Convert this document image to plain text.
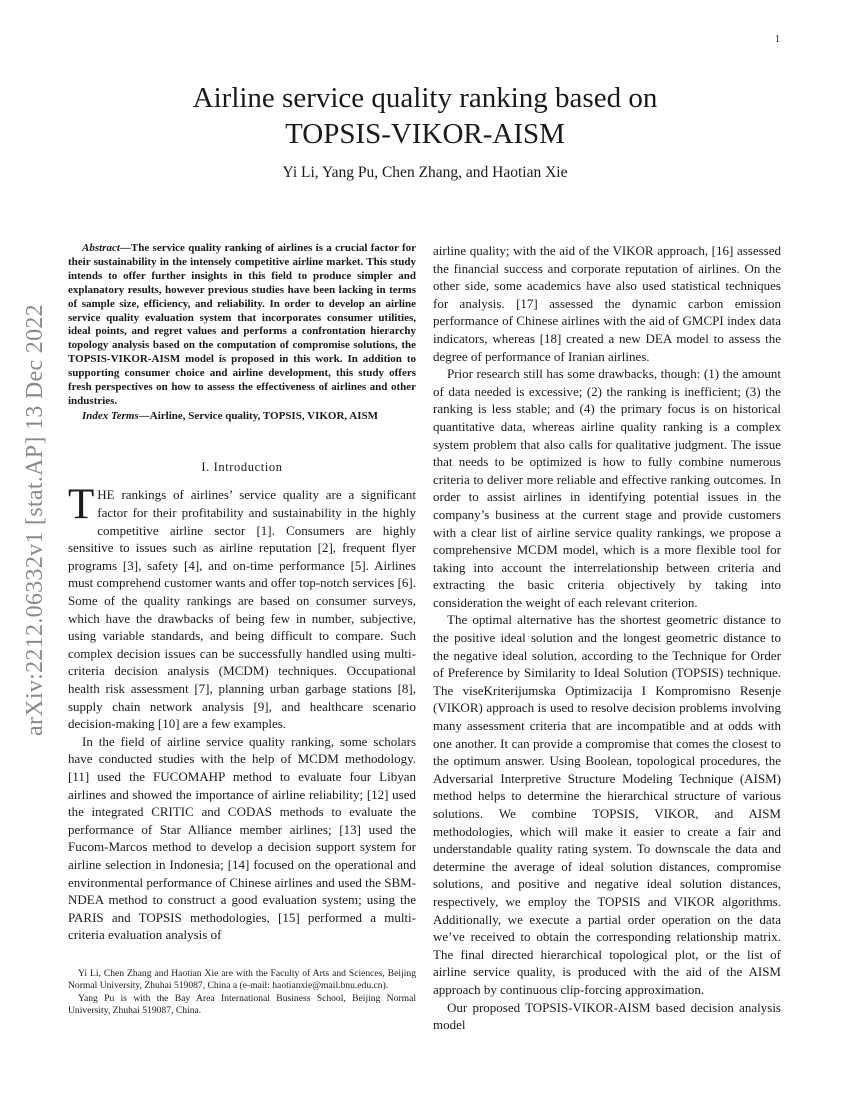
1
arXiv:2212.06332v1 [stat.AP] 13 Dec 2022
Airline service quality ranking based on
TOPSIS-VIKOR-AISM
Yi Li, Yang Pu, Chen Zhang, and Haotian Xie

Abstract—The service quality ranking of airlines is a crucial factor for their sustainability in the intensely competitive airline market. This study intends to offer further insights in this field to produce simpler and explanatory results, however previous studies have been lacking in terms of sample size, efficiency, and reliability. In order to develop an airline service quality evaluation system that incorporates consumer utilities, ideal points, and regret values and performs a confrontation hierarchy topology analysis based on the computation of compromise solutions, the TOPSIS-VIKOR-AISM model is proposed in this work. In addition to supporting consumer choice and airline development, this study offers fresh perspectives on how to assess the effectiveness of airlines and other industries.

Index Terms—Airline, Service quality, TOPSIS, VIKOR, AISM

I. Introduction

THE rankings of airlines’ service quality are a significant factor for their profitability and sustainability in the highly competitive airline sector [1]. Consumers are highly sensitive to issues such as airline reputation [2], frequent flyer programs [3], safety [4], and on-time performance [5]. Airlines must comprehend customer wants and offer top-notch services [6]. Some of the quality rankings are based on consumer surveys, which have the drawbacks of being few in number, subjective, using variable standards, and being difficult to compare. Such complex decision issues can be successfully handled using multi-criteria decision analysis (MCDM) techniques. Occupational health risk assessment [7], planning urban garbage stations [8], supply chain network analysis [9], and healthcare scenario decision-making [10] are a few examples.

In the field of airline service quality ranking, some scholars have conducted studies with the help of MCDM methodology. [11] used the FUCOMAHP method to evaluate four Libyan airlines and showed the importance of airline reliability; [12] used the integrated CRITIC and CODAS methods to evaluate the performance of Star Alliance member airlines; [13] used the Fucom-Marcos method to develop a decision support system for airline selection in Indonesia; [14] focused on the operational and environmental performance of Chinese airlines and used the SBM-NDEA method to construct a good evaluation system; using the PARIS and TOPSIS methodologies, [15] performed a multi-criteria evaluation analysis of

Yi Li, Chen Zhang and Haotian Xie are with the Faculty of Arts and Sciences, Beijing Normal University, Zhuhai 519087, China a (e-mail: haotianxie@mail.bnu.edu.cn).

Yang Pu is with the Bay Area International Business School, Beijing Normal University, Zhuhai 519087, China.

airline quality; with the aid of the VIKOR approach, [16] assessed the financial success and corporate reputation of airlines. On the other side, some academics have also used statistical techniques for analysis. [17] assessed the dynamic carbon emission performance of Chinese airlines with the aid of GMCPI index data indicators, whereas [18] created a new DEA model to assess the degree of performance of Iranian airlines.

Prior research still has some drawbacks, though: (1) the amount of data needed is excessive; (2) the ranking is inefficient; (3) the ranking is less stable; and (4) the primary focus is on historical quantitative data, whereas airline quality ranking is a complex system problem that also calls for qualitative judgment. The issue that needs to be optimized is how to fully combine numerous criteria to deliver more reliable and effective ranking outcomes. In order to assist airlines in identifying potential issues in the company’s business at the current stage and provide customers with a clear list of airline service quality rankings, we propose a comprehensive MCDM model, which is a more flexible tool for taking into account the interrelationship between criteria and extracting the basic criteria objectively by taking into consideration the weight of each relevant criterion.

The optimal alternative has the shortest geometric distance to the positive ideal solution and the longest geometric distance to the negative ideal solution, according to the Technique for Order of Preference by Similarity to Ideal Solution (TOPSIS) technique. The viseKriterijumska Optimizacija I Kompromisno Resenje (VIKOR) approach is used to resolve decision problems involving many assessment criteria that are incompatible and at odds with one another. It can provide a compromise that comes the closest to the optimum answer. Using Boolean, topological procedures, the Adversarial Interpretive Structure Modeling Technique (AISM) method helps to determine the hierarchical structure of various solutions. We combine TOPSIS, VIKOR, and AISM methodologies, which will make it easier to create a fair and understandable quality rating system. To downscale the data and determine the average of ideal solution distances, compromise solutions, and positive and negative ideal solution distances, respectively, we employ the TOPSIS and VIKOR algorithms. Additionally, we execute a partial order operation on the data we’ve received to obtain the corresponding relationship matrix. The final directed hierarchical topological plot, or the list of airline service quality, is produced with the aid of the AISM approach by continuous clip-forcing approximation.

Our proposed TOPSIS-VIKOR-AISM based decision analysis model
